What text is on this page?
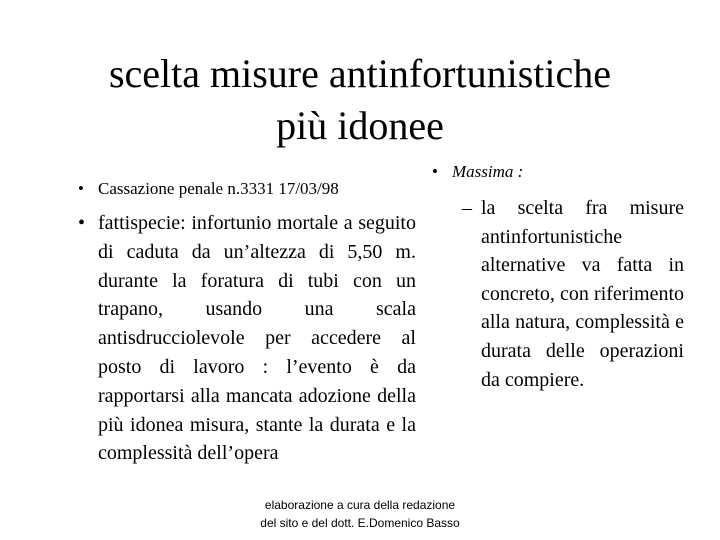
scelta misure antinfortunistiche
più idonee
• Cassazione penale n.3331 17/03/98
• fattispecie: infortunio mortale a seguito di caduta da un’altezza di 5,50 m. durante la foratura di tubi con un trapano, usando una scala antisdrucciolevole per accedere al posto di lavoro : l’evento è da rapportarsi alla mancata adozione della più idonea misura, stante la durata e la complessità dell’opera
• Massima :
– la scelta fra misure antinfortunistiche alternative va fatta in concreto, con riferimento alla natura, complessità e durata delle operazioni da compiere.
elaborazione a cura della redazione
del sito e del dott. E.Domenico Basso
